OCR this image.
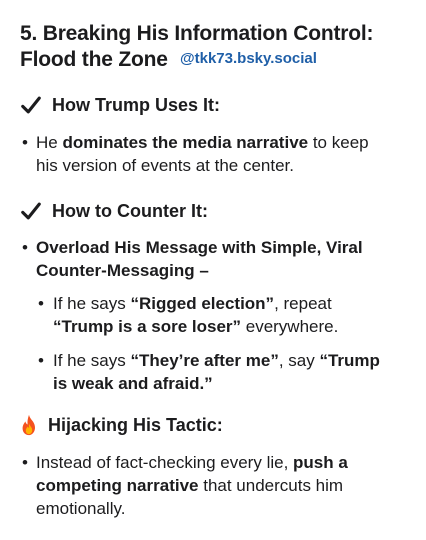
5. Breaking His Information Control:
Flood the Zone @tkk73.bsky.social
How Trump Uses It:
• He dominates the media narrative to keep
his version of events at the center.
How to Counter It:
• Overload His Message with Simple, Viral
Counter-Messaging –
• If he says “Rigged election”, repeat
“Trump is a sore loser” everywhere.
• If he says “They’re after me”, say “Trump
is weak and afraid.”
Hijacking His Tactic:
• Instead of fact-checking every lie, push a
competing narrative that undercuts him
emotionally.
